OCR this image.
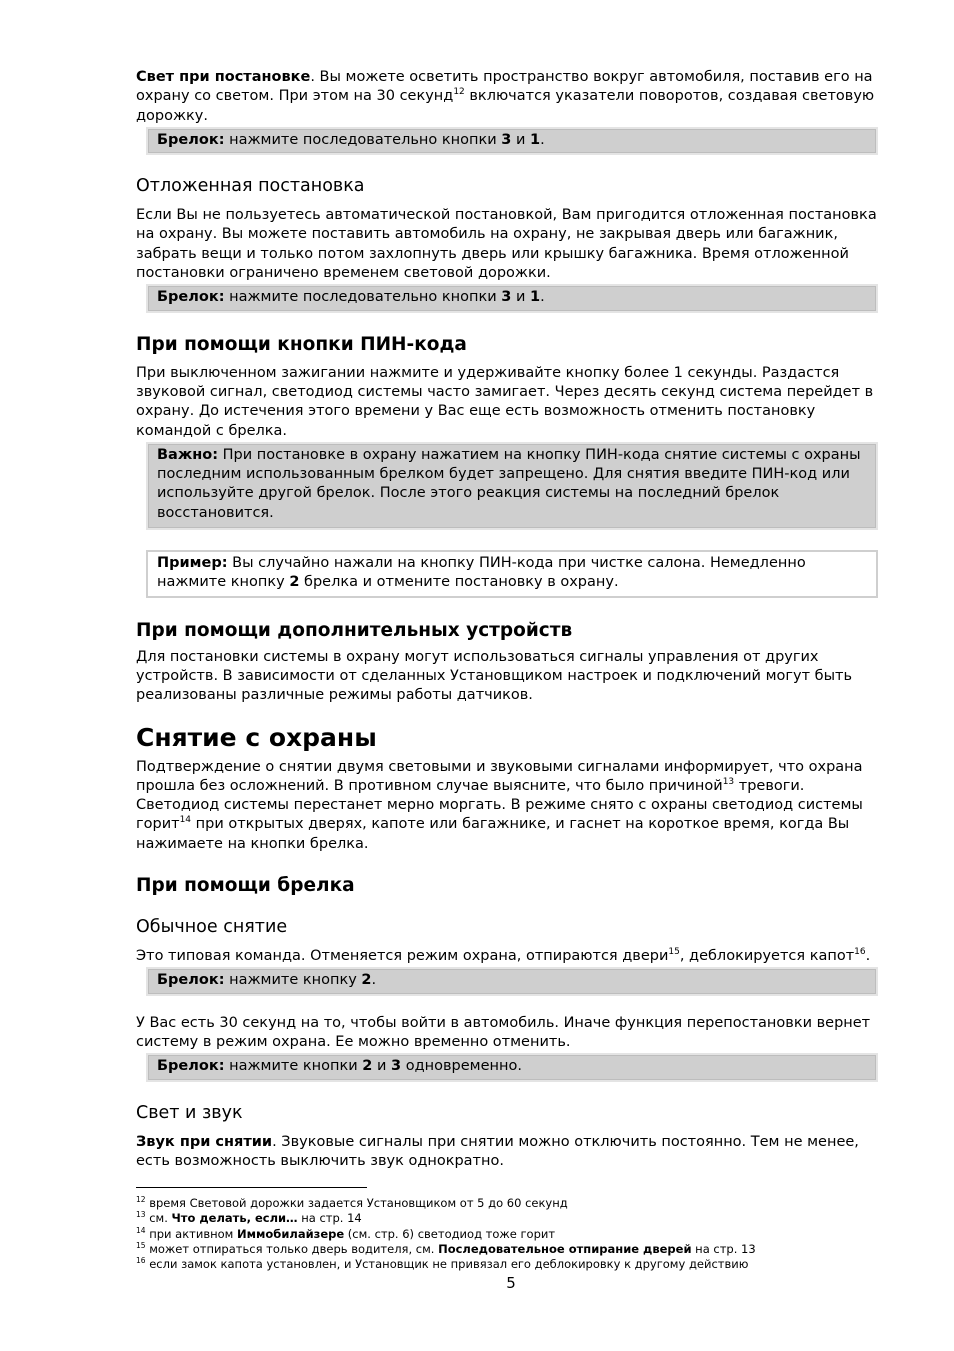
Свет при постановке. Вы можете осветить пространство вокруг автомобиля, поставив его на охрану со светом. При этом на 30 секунд$^{12}$ включатся указатели поворотов, создавая световую дорожку.

Брелок: нажмите последовательно кнопки 3 и 1.
Отложенная постановка

Если Вы не пользуетесь автоматической постановкой, Вам пригодится отложенная постановка на охрану. Вы можете поставить автомобиль на охрану, не закрывая дверь или багажник, забрать вещи и только потом захлопнуть дверь или крышку багажника. Время отложенной постановки ограничено временем световой дорожки.

Брелок: нажмите последовательно кнопки 3 и 1.
При помощи кнопки ПИН-кода

При выключенном зажигании нажмите и удерживайте кнопку более 1 секунды. Раздастся звуковой сигнал, светодиод системы часто замигает. Через десять секунд система перейдет в охрану. До истечения этого времени у Вас еще есть возможность отменить постановку командой с брелка.

Важно: При постановке в охрану нажатием на кнопку ПИН-кода снятие системы с охраны последним использованным брелком будет запрещено. Для снятия введите ПИН-код или используйте другой брелок. После этого реакция системы на последний брелок восстановится.
Пример: Вы случайно нажали на кнопку ПИН-кода при чистке салона. Немедленно нажмите кнопку 2 брелка и отмените постановку в охрану.
При помощи дополнительных устройств

Для постановки системы в охрану могут использоваться сигналы управления от других устройств. В зависимости от сделанных Установщиком настроек и подключений могут быть реализованы различные режимы работы датчиков.

Снятие с охраны

Подтверждение о снятии двумя световыми и звуковыми сигналами информирует, что охрана прошла без осложнений. В противном случае выясните, что было причиной$^{13}$ тревоги. Светодиод системы перестанет мерно моргать. В режиме снято с охраны светодиод системы горит$^{14}$ при открытых дверях, капоте или багажнике, и гаснет на короткое время, когда Вы нажимаете на кнопки брелка.

При помощи брелка
Обычное снятие

Это типовая команда. Отменяется режим охрана, отпираются двери$^{15}$, деблокируется капот$^{16}$.

Брелок: нажмите кнопку 2.

У Вас есть 30 секунд на то, чтобы войти в автомобиль. Иначе функция перепостановки вернет систему в режим охрана. Ее можно временно отменить.

Брелок: нажмите кнопки 2 и 3 одновременно.
Свет и звук

Звук при снятии. Звуковые сигналы при снятии можно отключить постоянно. Тем не менее, есть возможность выключить звук однократно.

$^{12}$ время Световой дорожки задается Установщиком от 5 до 60 секунд
$^{13}$ см. Что делать, если… на стр. 14
$^{14}$ при активном Иммобилайзере (см. стр. 6) светодиод тоже горит
$^{15}$ может отпираться только дверь водителя, см. Последовательное отпирание дверей на стр. 13
$^{16}$ если замок капота установлен, и Установщик не привязал его деблокировку к другому действию
5
